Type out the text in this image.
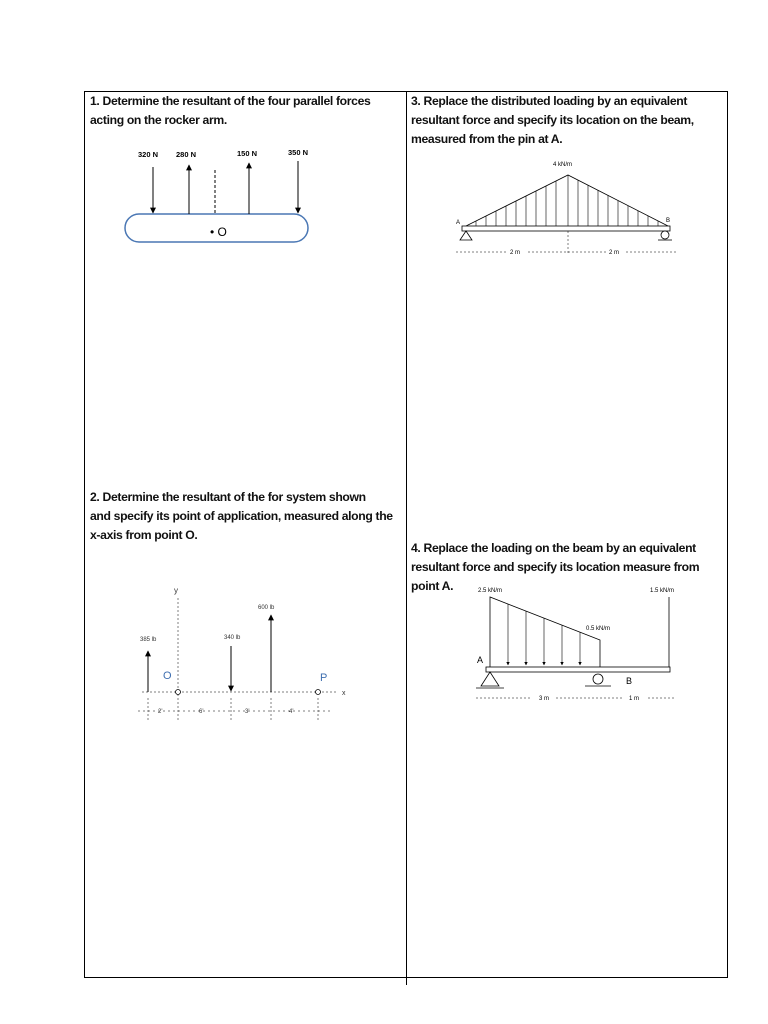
1. Determine the resultant of the four parallel forces
acting on the rocker arm.
3. Replace the distributed loading by an equivalent
resultant force and specify its location on the beam,
measured from the pin at A.
2. Determine the resultant of the for system shown
and specify its point of application, measured along the
x-axis from point O.
4. Replace the loading on the beam by an equivalent
resultant force and specify its location measure from
point A.
320 N 280 N	150 N	350 N
• O
4 kN/m
A	B
2 m	2 m
y
x
385 lb	340 lb
600 lb
O	P
2'	6'	3'	4'
2.5 kN/m	1.5 kN/m
0.5 kN/m
A
B
3 m	1 m
